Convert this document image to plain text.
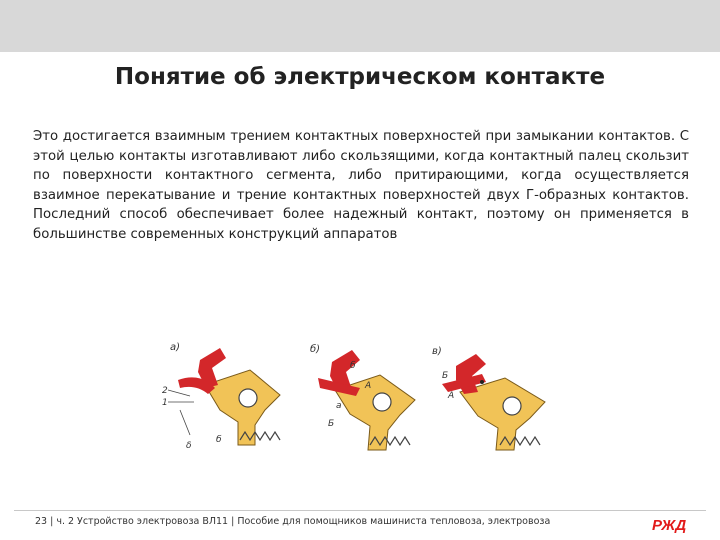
Понятие об электрическом контакте

Это достигается взаимным трением контактных поверхностей при замыкании контактов. С этой целью контакты изготавливают либо скользящими, когда контактный палец скользит по поверхности контактного сегмента, либо притирающими, когда осуществляется взаимное перекатывание и трение контактных поверхностей двух Г-образных контактов. Последний способ обеспечивает более надежный контакт, поэтому он применяется в большинстве современных конструкций аппаратов

а)
2
1
δ
б
б)
б
А
а
Б
в)
Б
А
23 | ч. 2 Устройство электровоза ВЛ11 | Пособие для помощников машиниста тепловоза, электровоза	РЖД
